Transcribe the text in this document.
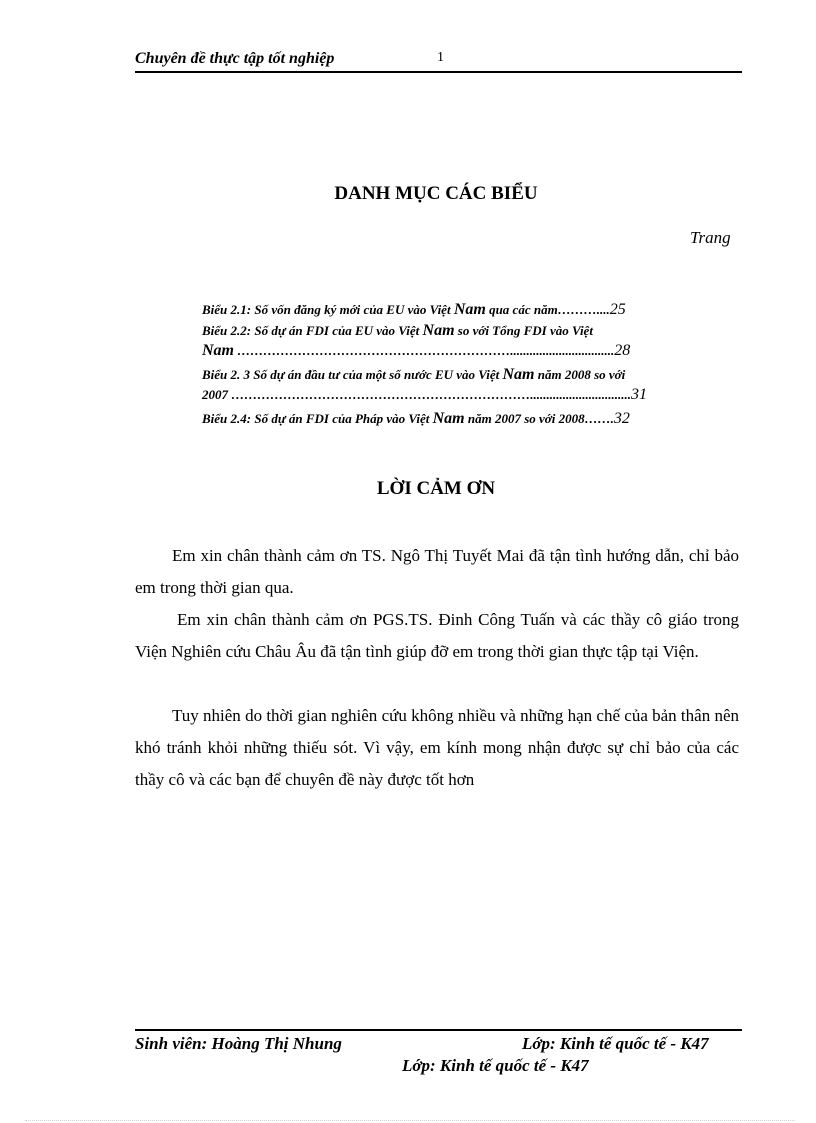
Chuyên đề thực tập tốt nghiệp	1
DANH MỤC CÁC BIỂU
Trang
Biểu 2.1: Số vốn đăng ký mới của EU vào Việt Nam qua các năm………....25
Biểu 2.2: Số dự án FDI của EU vào Việt Nam so với Tổng FDI vào Việt
Nam ………………………………………………………................................28
Biểu 2. 3 Số dự án đầu tư của một số nước EU vào Việt Nam năm 2008 so với
2007 ……………………………………………………………...............................31
Biểu 2.4: Số dự án FDI của Pháp vào Việt Nam năm 2007 so với 2008…….32
LỜI CẢM ƠN
Em xin chân thành cảm ơn TS. Ngô Thị Tuyết Mai đã tận tình hướng dẫn, chỉ bảo em trong thời gian qua.
Em xin chân thành cảm ơn PGS.TS. Đinh Công Tuấn và các thầy cô giáo trong Viện Nghiên cứu Châu Âu đã tận tình giúp đỡ em trong thời gian thực tập tại Viện.
Tuy nhiên do thời gian nghiên cứu không nhiều và những hạn chế của bản thân nên khó tránh khỏi những thiếu sót. Vì vậy, em kính mong nhận được sự chỉ bảo của các thầy cô và các bạn để chuyên đề này được tốt hơn
Sinh viên: Hoàng Thị Nhung	Lớp: Kinh tế quốc tế - K47
Lớp: Kinh tế quốc tế - K47
